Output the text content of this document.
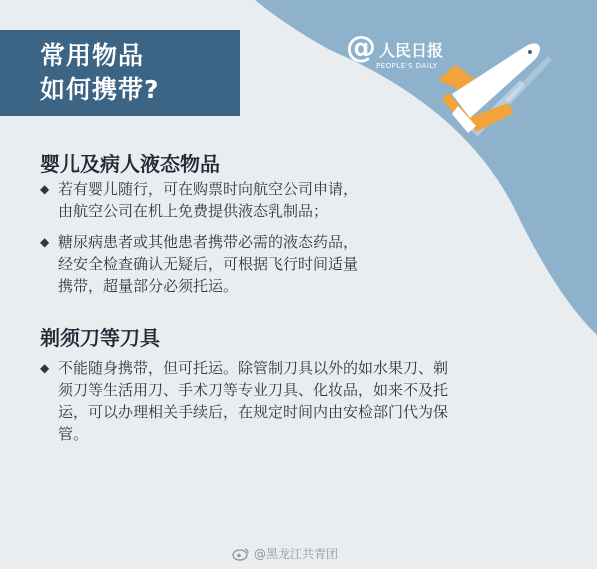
常用物品
如何携带?
@ 人民日报
PEOPLE'S DAILY
婴儿及病人液态物品
◆ 若有婴儿随行，可在购票时向航空公司申请，
由航空公司在机上免费提供液态乳制品；
◆ 糖尿病患者或其他患者携带必需的液态药品，
经安全检查确认无疑后，可根据飞行时间适量
携带，超量部分必须托运。
剃须刀等刀具
◆ 不能随身携带，但可托运。除管制刀具以外的如水果刀、剃
须刀等生活用刀、手术刀等专业刀具、化妆品，如来不及托
运，可以办理相关手续后，在规定时间内由安检部门代为保
管。
@黑龙江共青团
